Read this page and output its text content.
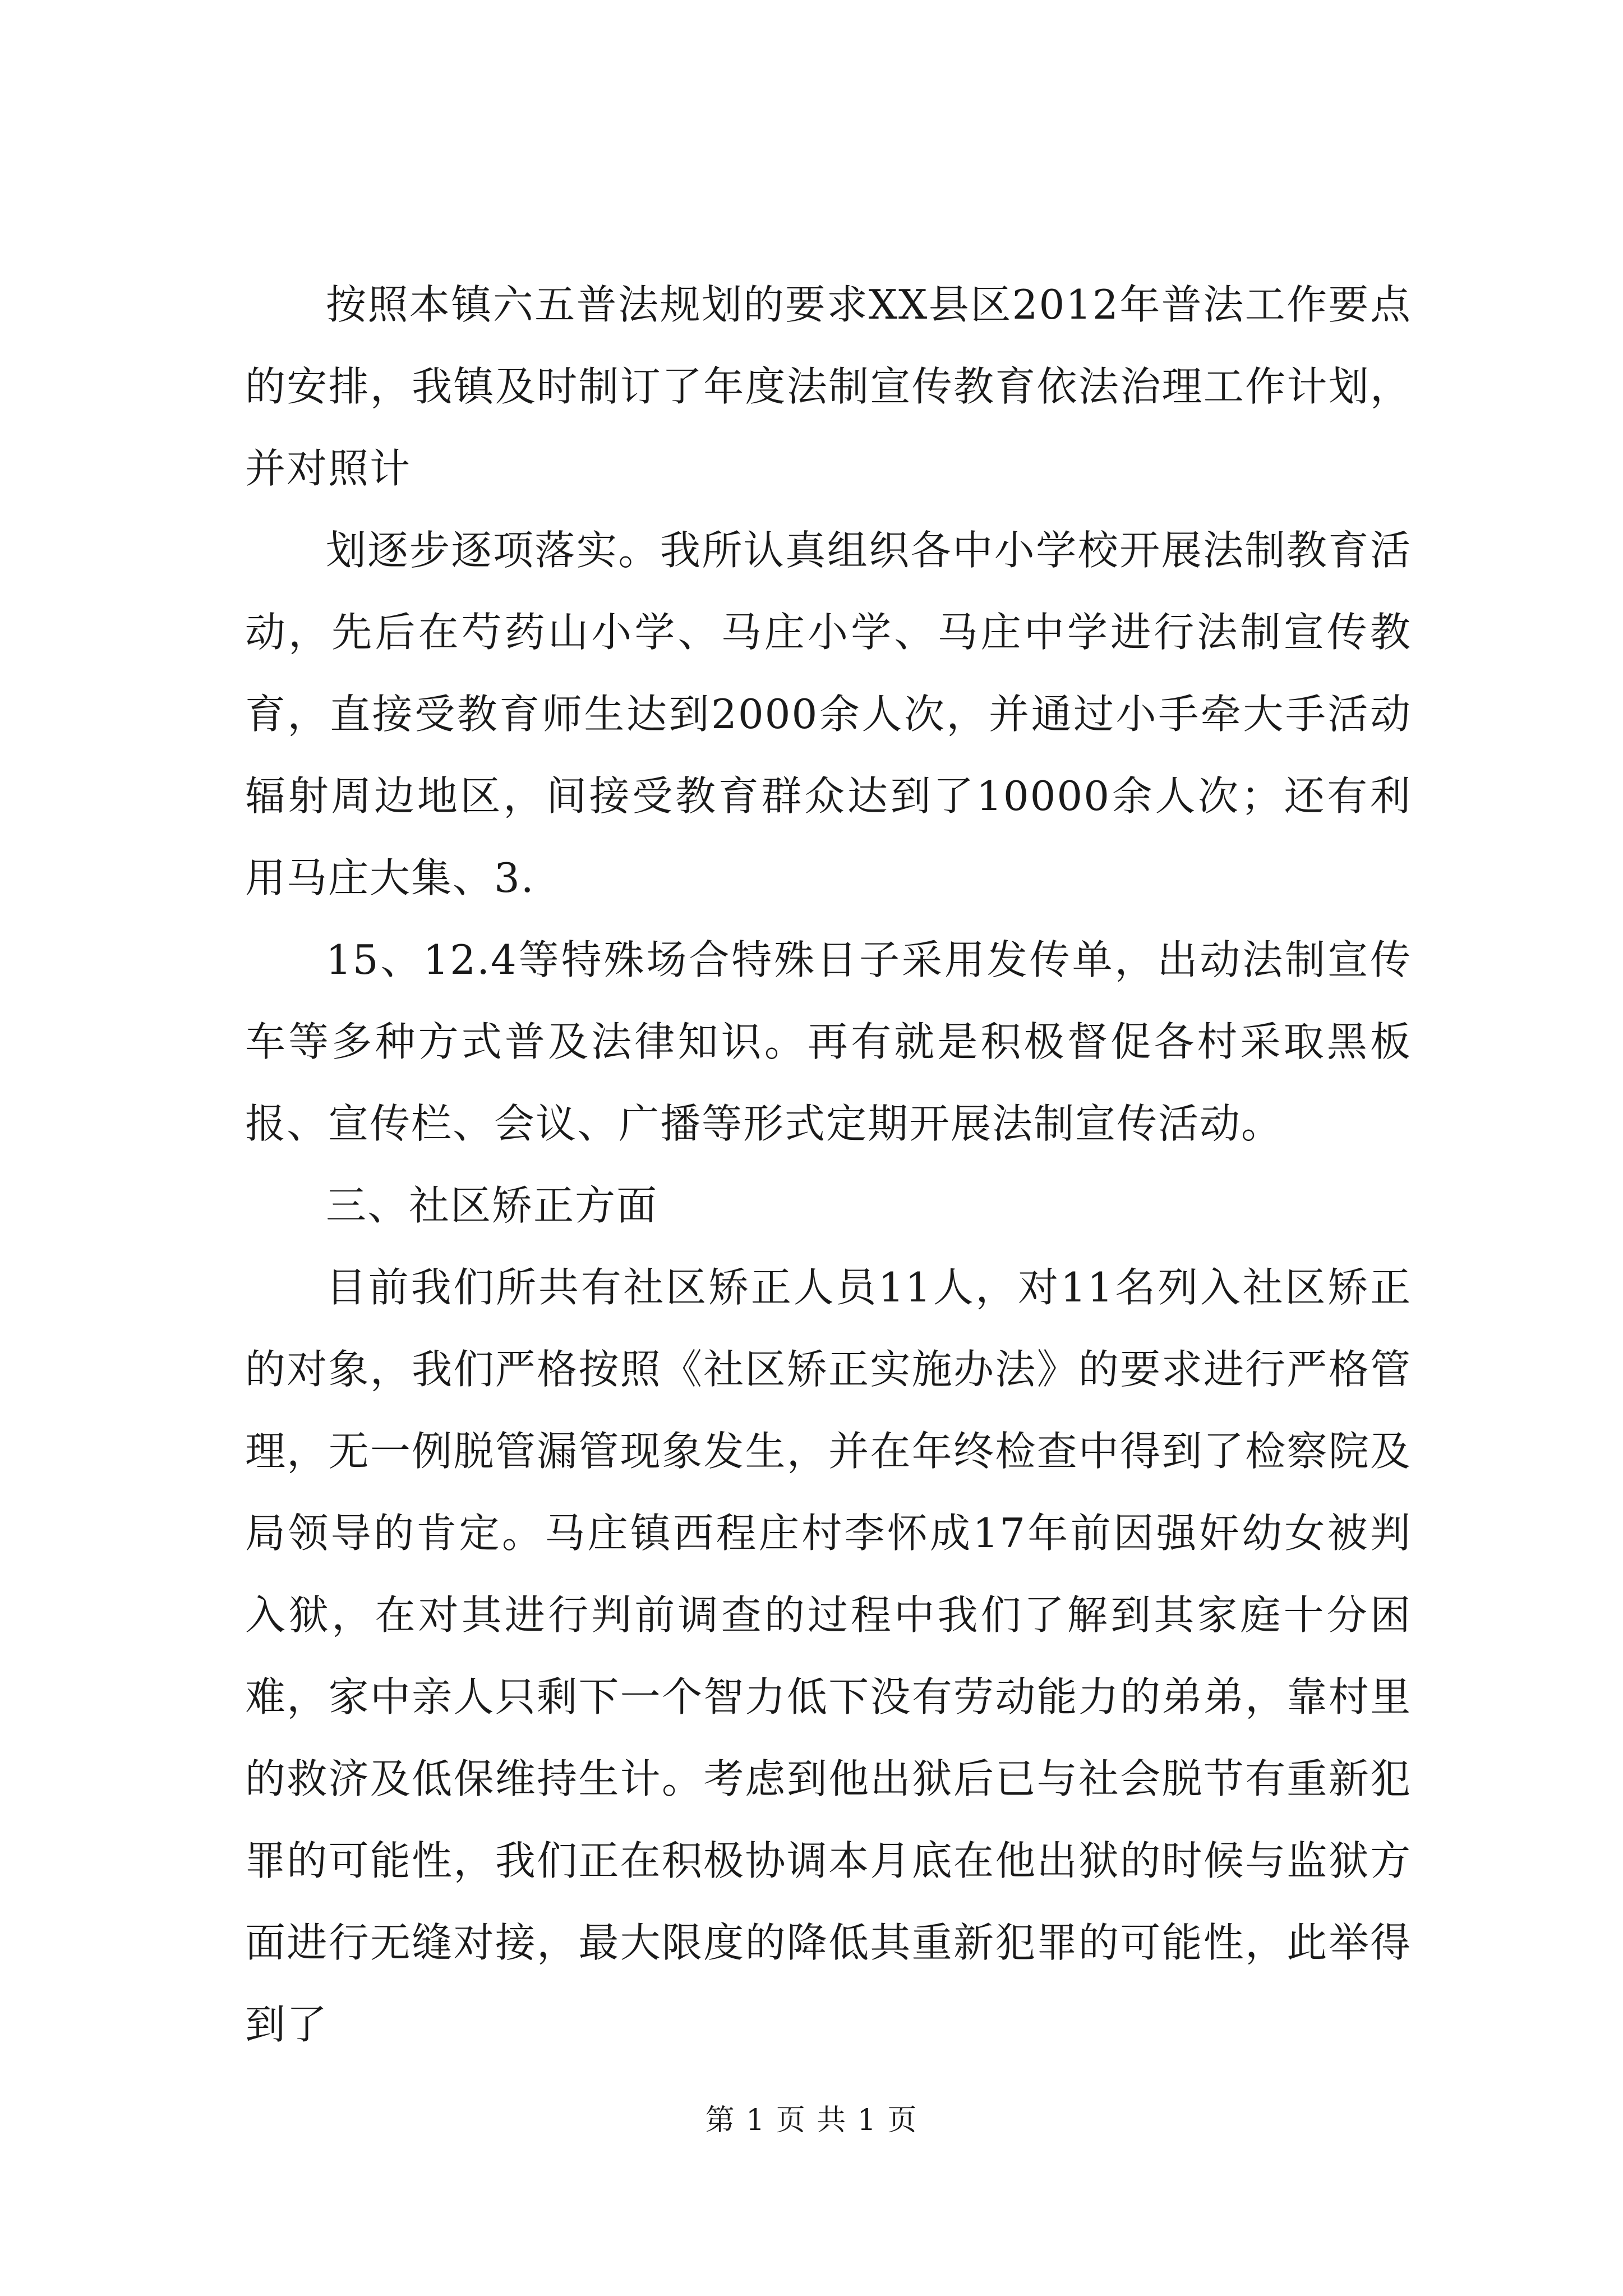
按照本镇六五普法规划的要求XX县区2012年普法工作要点的安排，我镇及时制订了年度法制宣传教育依法治理工作计划，并对照计

划逐步逐项落实。我所认真组织各中小学校开展法制教育活动，先后在芍药山小学、马庄小学、马庄中学进行法制宣传教育，直接受教育师生达到2000余人次，并通过小手牵大手活动辐射周边地区，间接受教育群众达到了10000余人次；还有利用马庄大集、3.

15、12.4等特殊场合特殊日子采用发传单，出动法制宣传车等多种方式普及法律知识。再有就是积极督促各村采取黑板报、宣传栏、会议、广播等形式定期开展法制宣传活动。

三、社区矫正方面

目前我们所共有社区矫正人员11人，对11名列入社区矫正的对象，我们严格按照《社区矫正实施办法》的要求进行严格管理，无一例脱管漏管现象发生，并在年终检查中得到了检察院及局领导的肯定。马庄镇西程庄村李怀成17年前因强奸幼女被判入狱，在对其进行判前调查的过程中我们了解到其家庭十分困难，家中亲人只剩下一个智力低下没有劳动能力的弟弟，靠村里的救济及低保维持生计。考虑到他出狱后已与社会脱节有重新犯罪的可能性，我们正在积极协调本月底在他出狱的时候与监狱方面进行无缝对接，最大限度的降低其重新犯罪的可能性，此举得到了

第 1 页 共 1 页
